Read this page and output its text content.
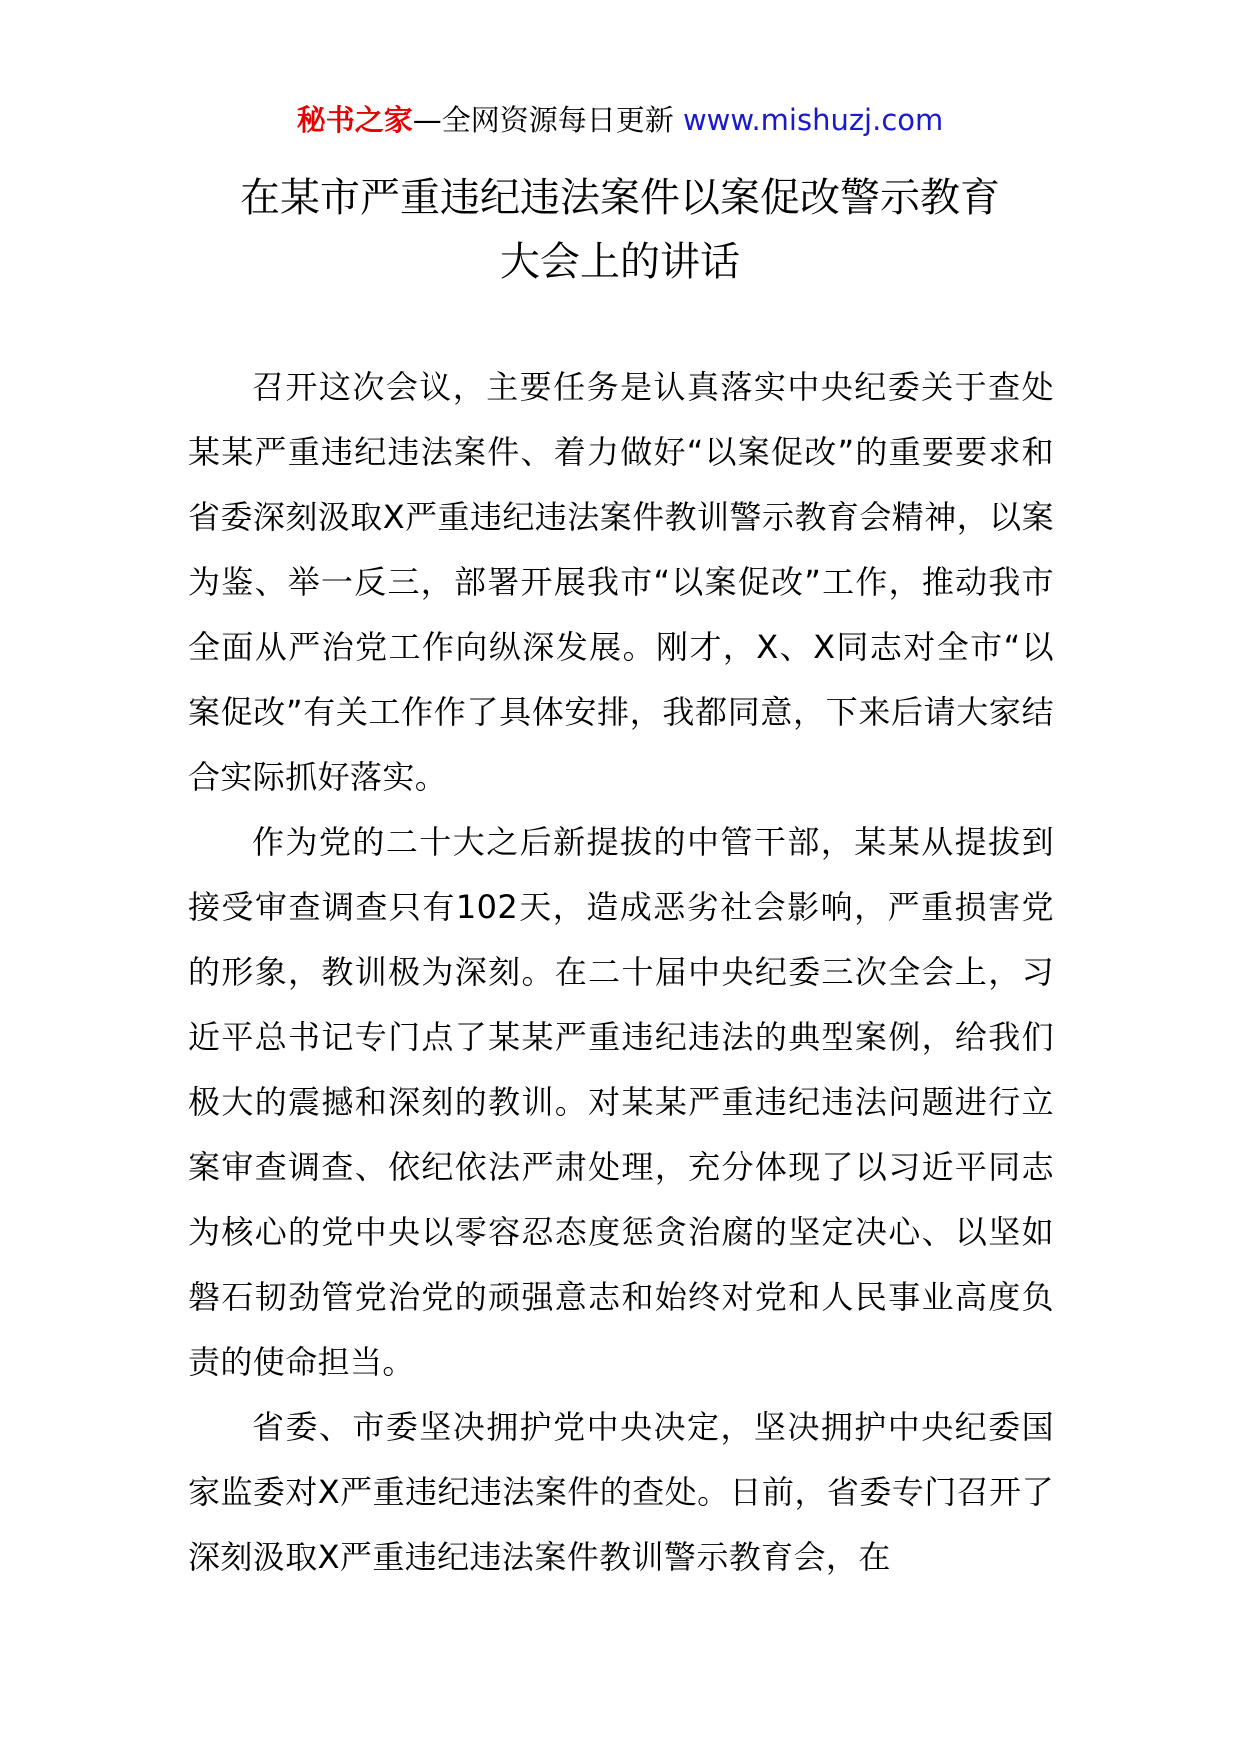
秘书之家—全网资源每日更新 www.mishuzj.com
在某市严重违纪违法案件以案促改警示教育
大会上的讲话

召开这次会议，主要任务是认真落实中央纪委关于查处某某严重违纪违法案件、着力做好“以案促改”的重要要求和省委深刻汲取X严重违纪违法案件教训警示教育会精神，以案为鉴、举一反三，部署开展我市“以案促改”工作，推动我市全面从严治党工作向纵深发展。刚才，X、X同志对全市“以案促改”有关工作作了具体安排，我都同意，下来后请大家结合实际抓好落实。

作为党的二十大之后新提拔的中管干部，某某从提拔到接受审查调查只有102天，造成恶劣社会影响，严重损害党的形象，教训极为深刻。在二十届中央纪委三次全会上，习近平总书记专门点了某某严重违纪违法的典型案例，给我们极大的震撼和深刻的教训。对某某严重违纪违法问题进行立案审查调查、依纪依法严肃处理，充分体现了以习近平同志为核心的党中央以零容忍态度惩贪治腐的坚定决心、以坚如磐石韧劲管党治党的顽强意志和始终对党和人民事业高度负责的使命担当。

省委、市委坚决拥护党中央决定，坚决拥护中央纪委国家监委对X严重违纪违法案件的查处。日前，省委专门召开了深刻汲取X严重违纪违法案件教训警示教育会，在
